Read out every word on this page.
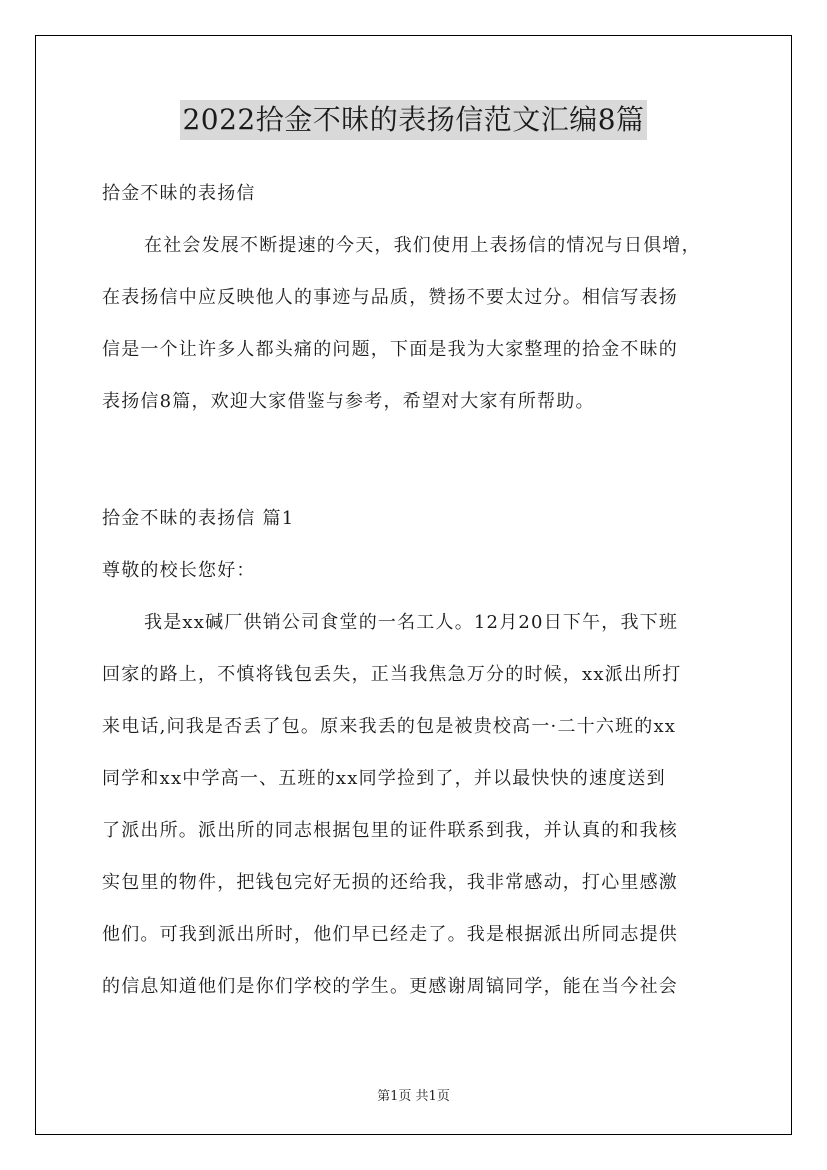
2022拾金不昧的表扬信范文汇编8篇
拾金不昧的表扬信
在社会发展不断提速的今天，我们使用上表扬信的情况与日俱增，
在表扬信中应反映他人的事迹与品质，赞扬不要太过分。相信写表扬
信是一个让许多人都头痛的问题，下面是我为大家整理的拾金不昧的
表扬信8篇，欢迎大家借鉴与参考，希望对大家有所帮助。
拾金不昧的表扬信 篇1
尊敬的校长您好：
我是xx碱厂供销公司食堂的一名工人。12月20日下午，我下班
回家的路上，不慎将钱包丢失，正当我焦急万分的时候，xx派出所打
来电话,问我是否丢了包。原来我丢的包是被贵校高一·二十六班的xx
同学和xx中学高一、五班的xx同学捡到了，并以最快快的速度送到
了派出所。派出所的同志根据包里的证件联系到我，并认真的和我核
实包里的物件，把钱包完好无损的还给我，我非常感动，打心里感激
他们。可我到派出所时，他们早已经走了。我是根据派出所同志提供
的信息知道他们是你们学校的学生。更感谢周镐同学，能在当今社会
第1页 共1页
